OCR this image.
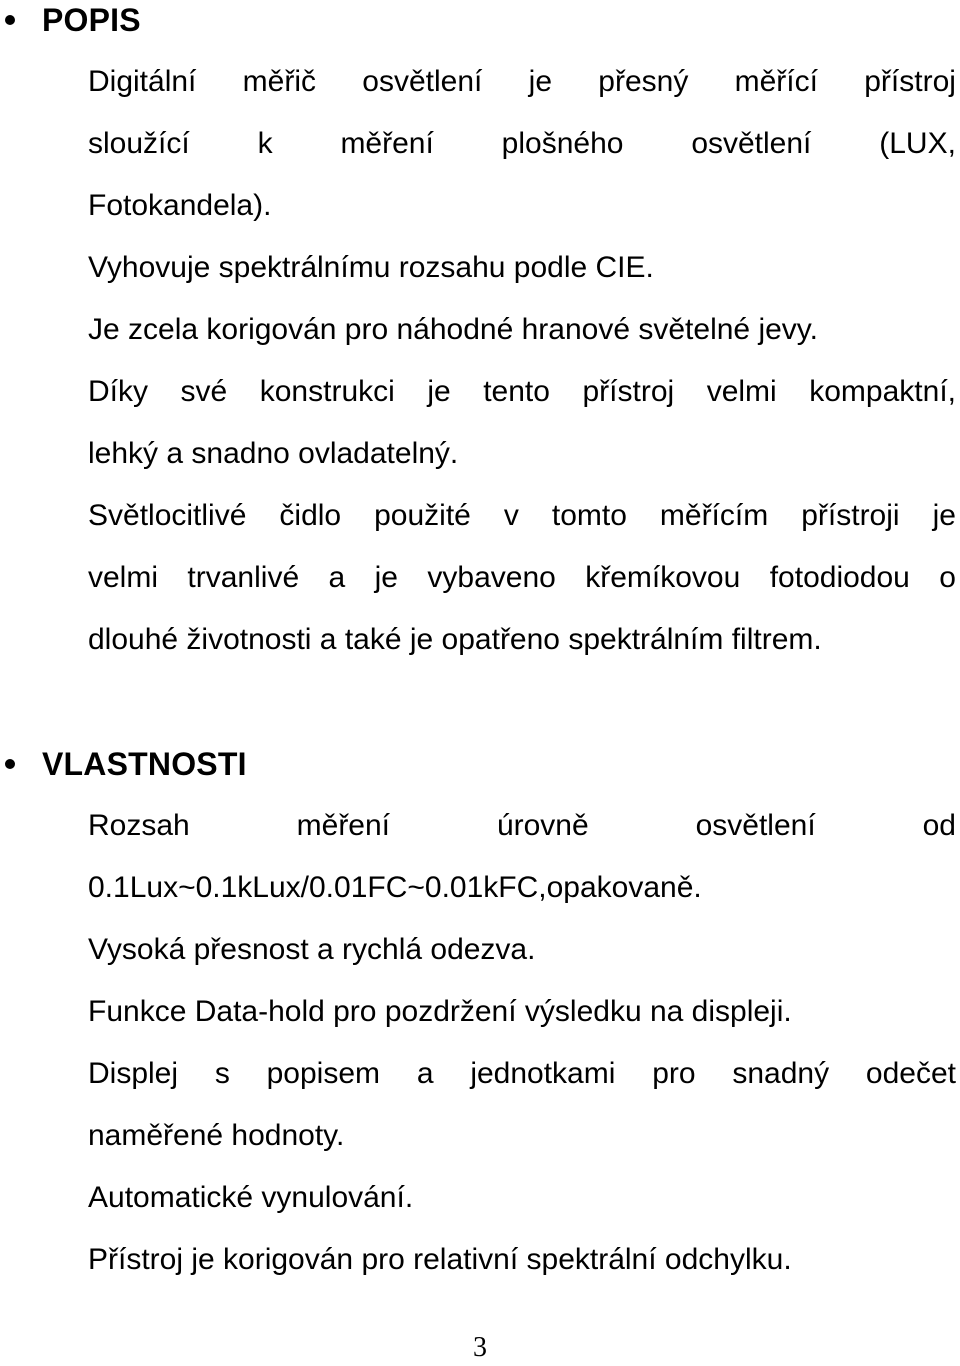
POPIS
Digitální měřič osvětlení je přesný měřící přístroj
sloužící k měření plošného osvětlení (LUX,
Fotokandela).
Vyhovuje spektrálnímu rozsahu podle CIE.
Je zcela korigován pro náhodné hranové světelné jevy.
Díky své konstrukci je tento přístroj velmi kompaktní,
lehký a snadno ovladatelný.
Světlocitlivé čidlo použité v tomto měřícím přístroji je
velmi trvanlivé a je vybaveno křemíkovou fotodiodou o
dlouhé životnosti a také je opatřeno spektrálním filtrem.
VLASTNOSTI
Rozsah	měření	úrovně	osvětlení	od
0.1Lux~0.1kLux/0.01FC~0.01kFC,opakovaně.
Vysoká přesnost a rychlá odezva.
Funkce Data-hold pro pozdržení výsledku na displeji.
Displej s popisem a jednotkami pro snadný odečet
naměřené hodnoty.
Automatické vynulování.
Přístroj je korigován pro relativní spektrální odchylku.
3
